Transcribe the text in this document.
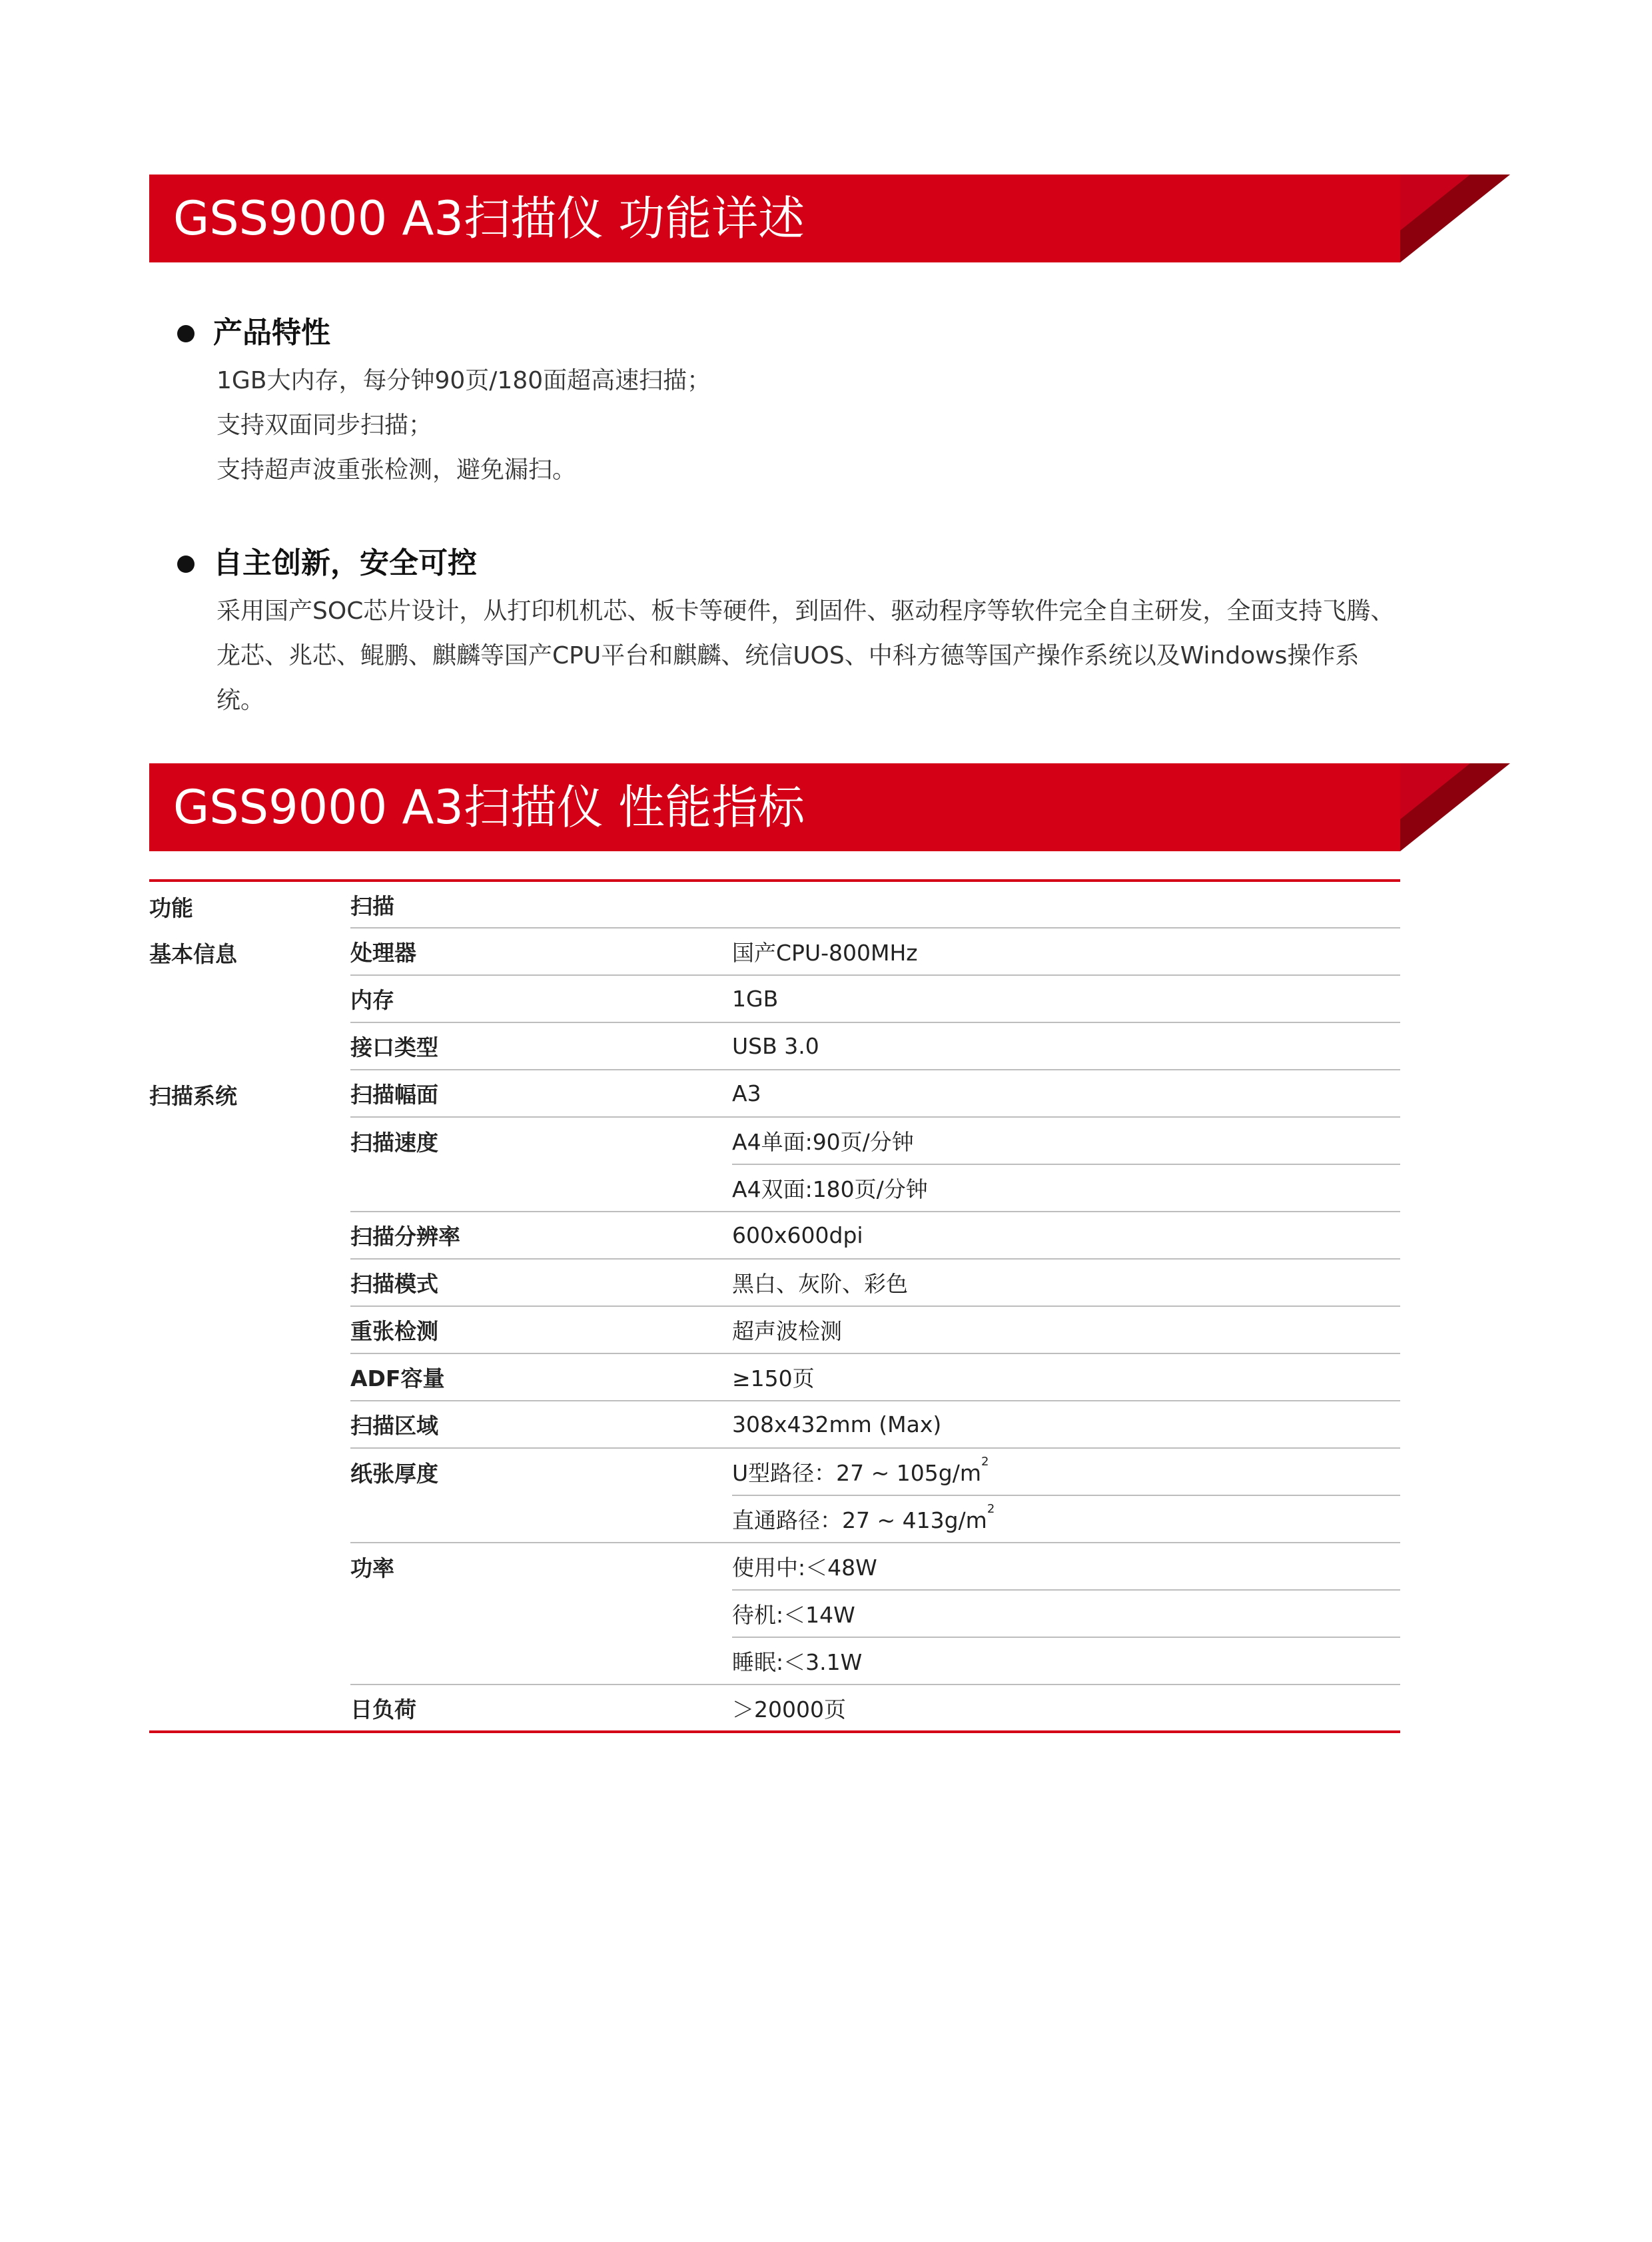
GSS9000 A3扫描仪 功能详述
产品特性
1GB大内存，每分钟90页/180面超高速扫描；
支持双面同步扫描；
支持超声波重张检测，避免漏扫。
自主创新，安全可控
采用国产SOC芯片设计，从打印机机芯、板卡等硬件，到固件、驱动程序等软件完全自主研发，全面支持飞腾、龙芯、兆芯、鲲鹏、麒麟等国产CPU平台和麒麟、统信UOS、中科方德等国产操作系统以及Windows操作系统。
GSS9000 A3扫描仪 性能指标
功能	扫描	
基本信息	处理器	国产CPU-800MHz
	内存	1GB
	接口类型	USB 3.0
扫描系统	扫描幅面	A3
	扫描速度	A4单面:90页/分钟
		A4双面:180页/分钟
	扫描分辨率	600x600dpi
	扫描模式	黑白、灰阶、彩色
	重张检测	超声波检测
	ADF容量	≥150页
	扫描区域	308x432mm (Max)
	纸张厚度	U型路径：27 ~ $105g/m^2$
		直通路径：27 ~ $413g/m^2$
	功率	使用中:＜48W
		待机:＜14W
		睡眠:＜3.1W
	日负荷	＞20000页
